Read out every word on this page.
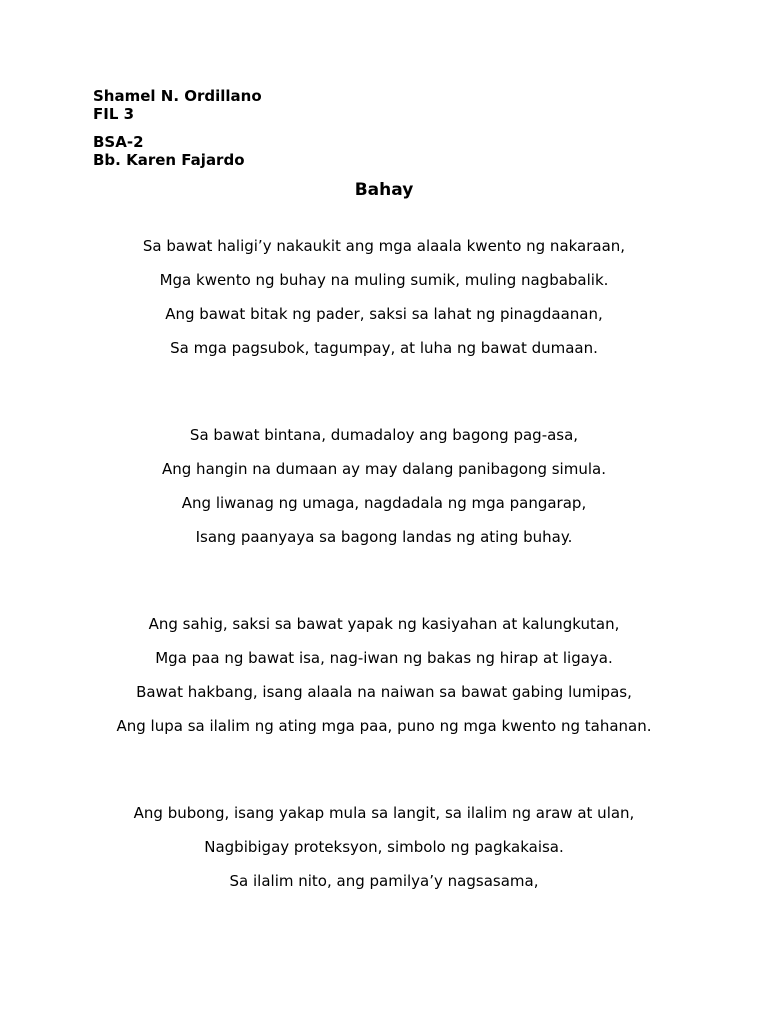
Shamel N. Ordillano
FIL 3
BSA-2
Bb. Karen Fajardo
Bahay
Sa bawat haligi’y nakaukit ang mga alaala kwento ng nakaraan,
Mga kwento ng buhay na muling sumik, muling nagbabalik.
Ang bawat bitak ng pader, saksi sa lahat ng pinagdaanan,
Sa mga pagsubok, tagumpay, at luha ng bawat dumaan.
Sa bawat bintana, dumadaloy ang bagong pag-asa,
Ang hangin na dumaan ay may dalang panibagong simula.
Ang liwanag ng umaga, nagdadala ng mga pangarap,
Isang paanyaya sa bagong landas ng ating buhay.
Ang sahig, saksi sa bawat yapak ng kasiyahan at kalungkutan,
Mga paa ng bawat isa, nag-iwan ng bakas ng hirap at ligaya.
Bawat hakbang, isang alaala na naiwan sa bawat gabing lumipas,
Ang lupa sa ilalim ng ating mga paa, puno ng mga kwento ng tahanan.
Ang bubong, isang yakap mula sa langit, sa ilalim ng araw at ulan,
Nagbibigay proteksyon, simbolo ng pagkakaisa.
Sa ilalim nito, ang pamilya’y nagsasama,
